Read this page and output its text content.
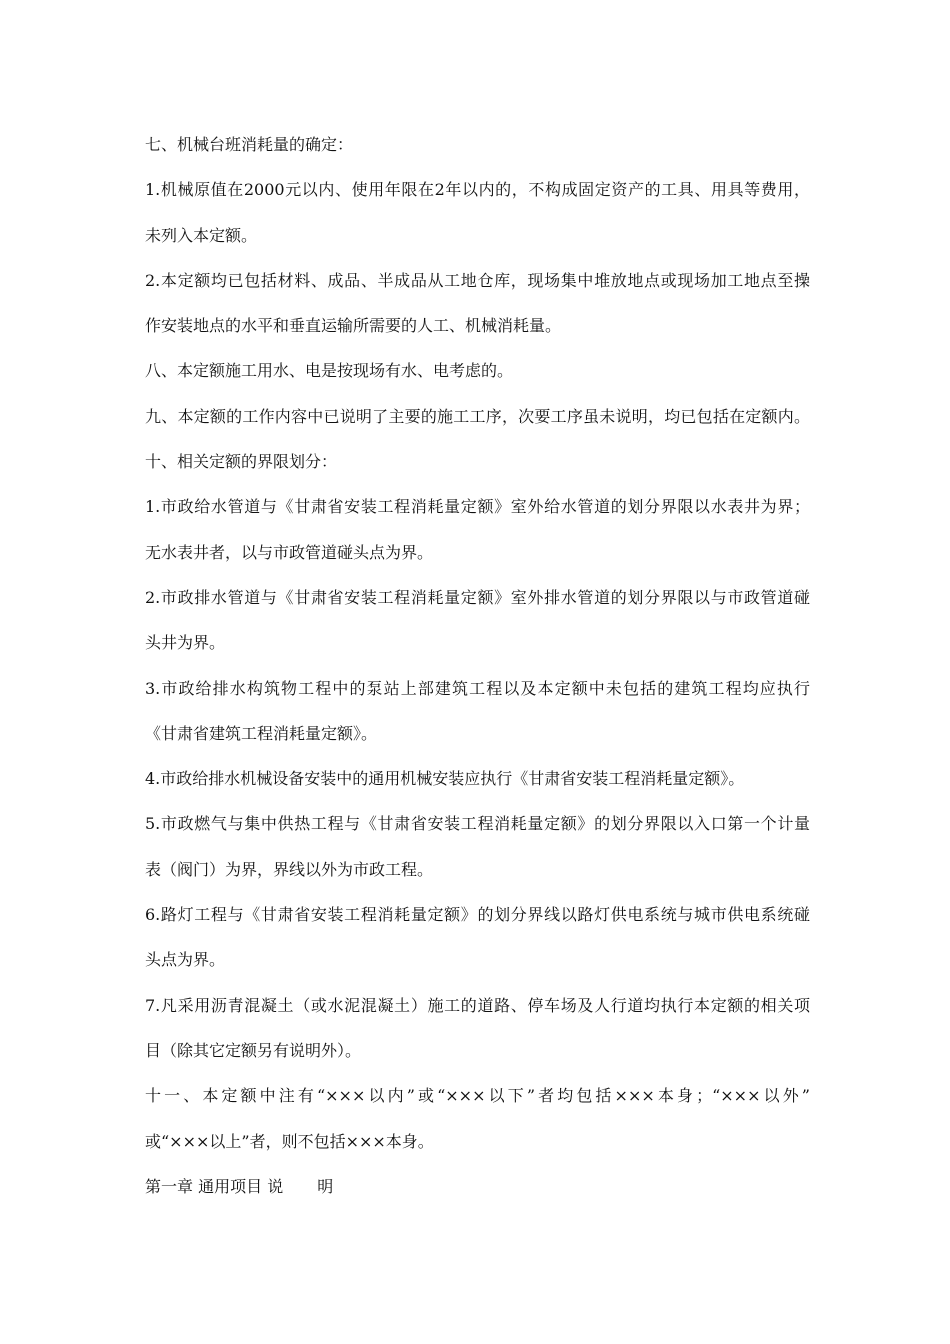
七、机械台班消耗量的确定：

1.机械原值在2000元以内、使用年限在2年以内的，不构成固定资产的工具、用具等费用，

未列入本定额。

2.本定额均已包括材料、成品、半成品从工地仓库，现场集中堆放地点或现场加工地点至操

作安装地点的水平和垂直运输所需要的人工、机械消耗量。

八、本定额施工用水、电是按现场有水、电考虑的。

九、本定额的工作内容中已说明了主要的施工工序，次要工序虽未说明，均已包括在定额内。

十、相关定额的界限划分：

1.市政给水管道与《甘肃省安装工程消耗量定额》室外给水管道的划分界限以水表井为界；

无水表井者，以与市政管道碰头点为界。

2.市政排水管道与《甘肃省安装工程消耗量定额》室外排水管道的划分界限以与市政管道碰

头井为界。

3.市政给排水构筑物工程中的泵站上部建筑工程以及本定额中未包括的建筑工程均应执行

《甘肃省建筑工程消耗量定额》。

4.市政给排水机械设备安装中的通用机械安装应执行《甘肃省安装工程消耗量定额》。

5.市政燃气与集中供热工程与《甘肃省安装工程消耗量定额》的划分界限以入口第一个计量

表（阀门）为界，界线以外为市政工程。

6.路灯工程与《甘肃省安装工程消耗量定额》的划分界线以路灯供电系统与城市供电系统碰

头点为界。

7.凡采用沥青混凝土（或水泥混凝土）施工的道路、停车场及人行道均执行本定额的相关项

目（除其它定额另有说明外）。

十一、本定额中注有“×××以内”或“×××以下”者均包括×××本身；“×××以外”

或“×××以上”者，则不包括×××本身。

第一章 通用项目 说 明
